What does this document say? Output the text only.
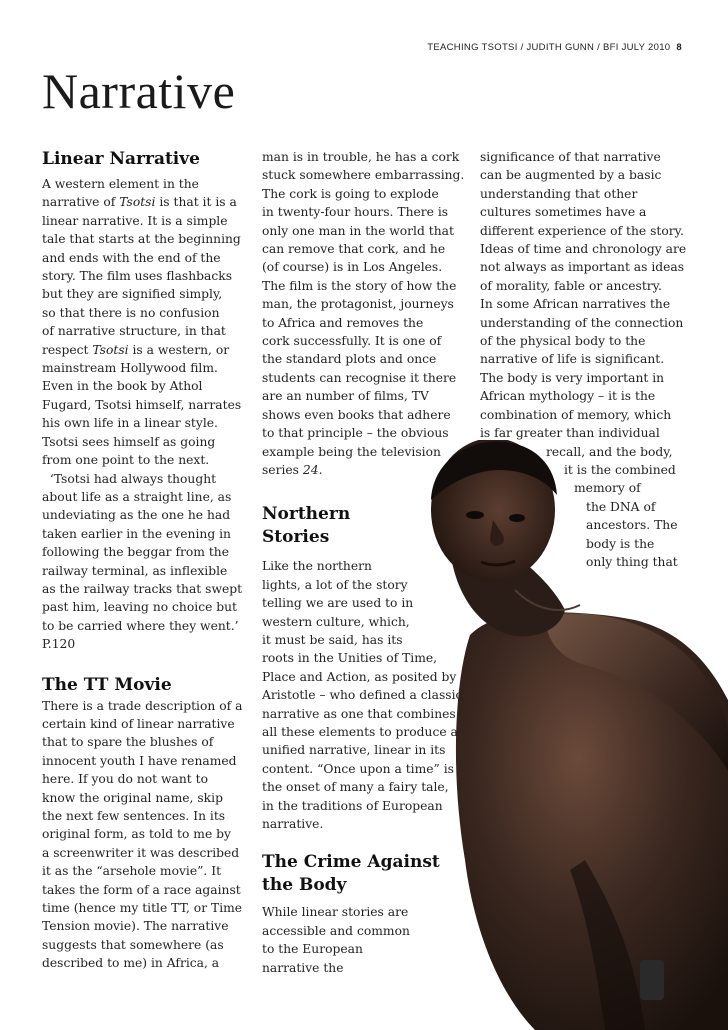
TEACHING TSOTSI / JUDITH GUNN / BFI JULY 2010 8
Narrative
Linear Narrative
A western element in the
narrative of Tsotsi is that it is a
linear narrative. It is a simple
tale that starts at the beginning
and ends with the end of the
story. The film uses flashbacks
but they are signified simply,
so that there is no confusion
of narrative structure, in that
respect Tsotsi is a western, or
mainstream Hollywood film.
Even in the book by Athol
Fugard, Tsotsi himself, narrates
his own life in a linear style.
Tsotsi sees himself as going
from one point to the next.
‘Tsotsi had always thought
about life as a straight line, as
undeviating as the one he had
taken earlier in the evening in
following the beggar from the
railway terminal, as inflexible
as the railway tracks that swept
past him, leaving no choice but
to be carried where they went.’
P.120
The TT Movie
There is a trade description of a
certain kind of linear narrative
that to spare the blushes of
innocent youth I have renamed
here. If you do not want to
know the original name, skip
the next few sentences. In its
original form, as told to me by
a screenwriter it was described
it as the “arsehole movie”. It
takes the form of a race against
time (hence my title TT, or Time
Tension movie). The narrative
suggests that somewhere (as
described to me) in Africa, a
man is in trouble, he has a cork
stuck somewhere embarrassing.
The cork is going to explode
in twenty-four hours. There is
only one man in the world that
can remove that cork, and he
(of course) is in Los Angeles.
The film is the story of how the
man, the protagonist, journeys
to Africa and removes the
cork successfully. It is one of
the standard plots and once
students can recognise it there
are an number of films, TV
shows even books that adhere
to that principle – the obvious
example being the television
series 24.
Northern
Stories
Like the northern
lights, a lot of the story
telling we are used to in
western culture, which,
it must be said, has its
roots in the Unities of Time,
Place and Action, as posited by
Aristotle – who defined a classic
narrative as one that combines
all these elements to produce a
unified narrative, linear in its
content. “Once upon a time” is
the onset of many a fairy tale,
in the traditions of European
narrative.
The Crime Against
the Body
While linear stories are
accessible and common
to the European
narrative the
significance of that narrative
can be augmented by a basic
understanding that other
cultures sometimes have a
different experience of the story.
Ideas of time and chronology are
not always as important as ideas
of morality, fable or ancestry.
In some African narratives the
understanding of the connection
of the physical body to the
narrative of life is significant.
The body is very important in
African mythology – it is the
combination of memory, which
is far greater than individual
recall, and the body,
it is the combined
memory of
the DNA of
ancestors. The
body is the
only thing that
